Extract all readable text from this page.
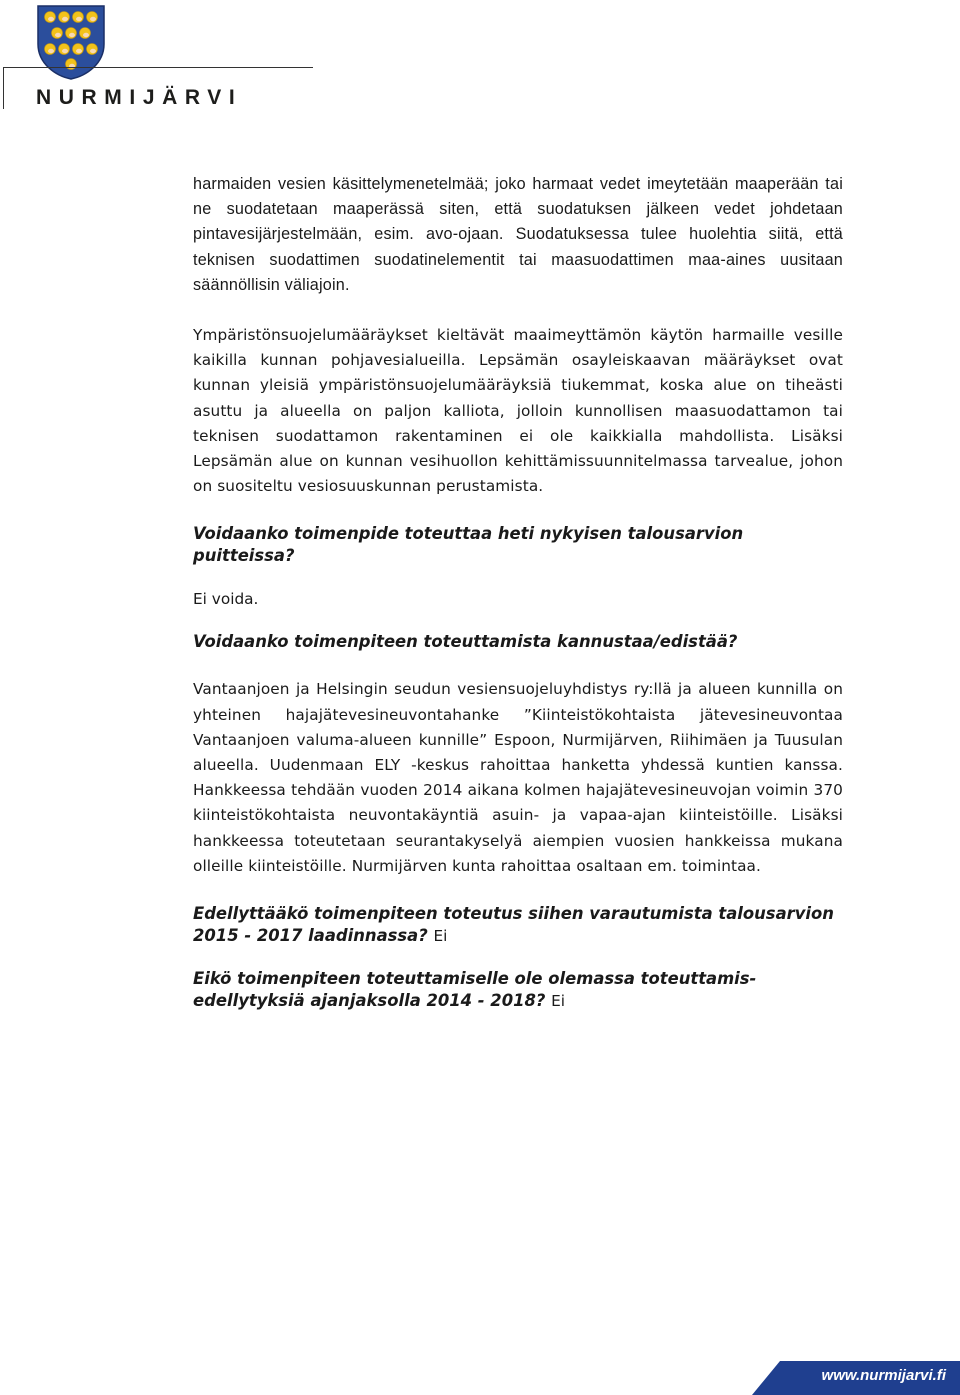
NURMIJÄRVI

harmaiden vesien käsittelymenetelmää; joko harmaat vedet imeytetään maaperään tai ne suodatetaan maaperässä siten, että suodatuksen jälkeen vedet johdetaan pintavesijärjestelmään, esim. avo-ojaan. Suodatuksessa tulee huolehtia siitä, että teknisen suodattimen suodatinelementit tai maasuodattimen maa-aines uusitaan säännöllisin väliajoin.

Ympäristönsuojelumääräykset kieltävät maaimeyttämön käytön harmaille vesille kaikilla kunnan pohjavesialueilla. Lepsämän osayleiskaavan määräykset ovat kunnan yleisiä ympäristönsuojelumääräyksiä tiukemmat, koska alue on tiheästi asuttu ja alueella on paljon kalliota, jolloin kunnollisen maasuodattamon tai teknisen suodattamon rakentaminen ei ole kaikkialla mahdollista. Lisäksi Lepsämän alue on kunnan vesihuollon kehittämissuunnitelmassa tarvealue, johon on suositeltu vesiosuuskunnan perustamista.

Voidaanko toimenpide toteuttaa heti nykyisen talousarvion puitteissa?

Ei voida.

Voidaanko toimenpiteen toteuttamista kannustaa/edistää?

Vantaanjoen ja Helsingin seudun vesiensuojeluyhdistys ry:llä ja alueen kunnilla on yhteinen hajajätevesineuvontahanke ”Kiinteistökohtaista jätevesineuvontaa Vantaanjoen valuma-alueen kunnille” Espoon, Nurmijärven, Riihimäen ja Tuusulan alueella. Uudenmaan ELY -keskus rahoittaa hanketta yhdessä kuntien kanssa. Hankkeessa tehdään vuoden 2014 aikana kolmen hajajätevesineuvojan voimin 370 kiinteistökohtaista neuvontakäyntiä asuin- ja vapaa-ajan kiinteistöille. Lisäksi hankkeessa toteutetaan seurantakyselyä aiempien vuosien hankkeissa mukana olleille kiinteistöille. Nurmijärven kunta rahoittaa osaltaan em. toimintaa.

Edellyttääkö toimenpiteen toteutus siihen varautumista talousarvion 2015 - 2017 laadinnassa? Ei

Eikö toimenpiteen toteuttamiselle ole olemassa toteuttamis-
edellytyksiä ajanjaksolla 2014 - 2018? Ei

www.nurmijarvi.fi
